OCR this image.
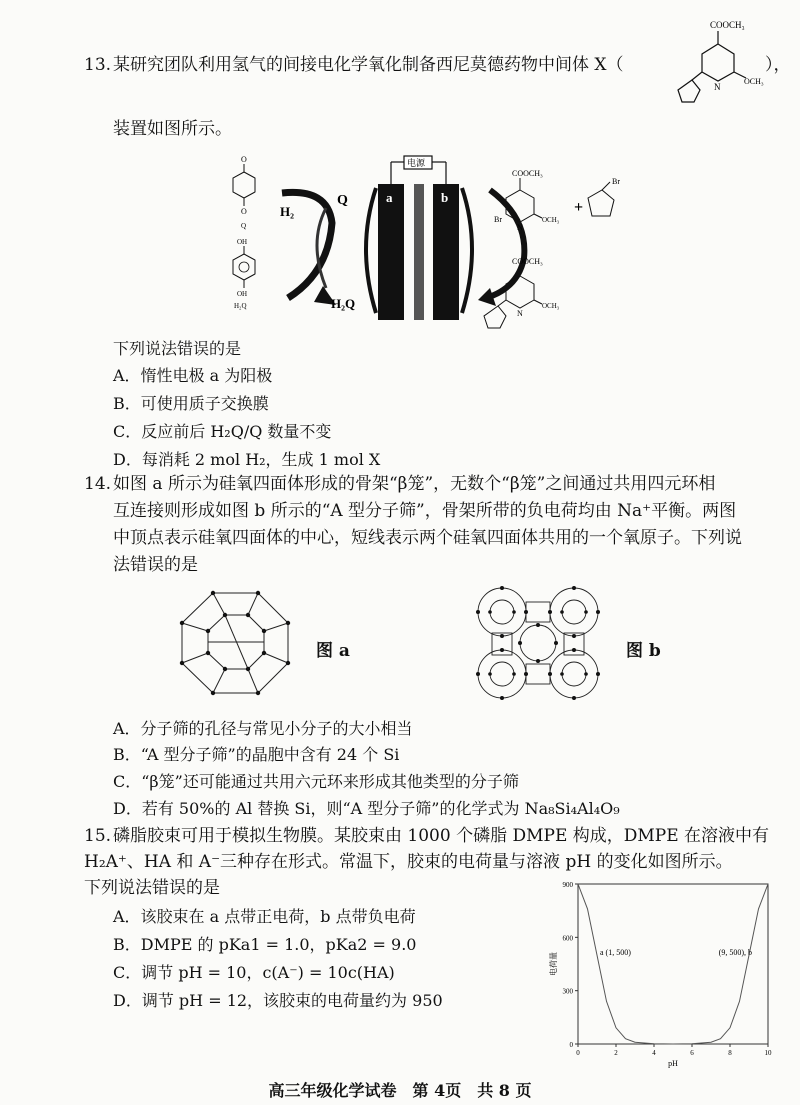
13. 某研究团队利用氢气的间接电化学氧化制备西尼莫德药物中间体 X（
COOCH₃
N
OCH₃
），
装置如图所示。
O
O
Q
OH
OH
H₂Q
H₂
Q
H₂Q
电源
a	b
COOCH₃
Br
N
OCH₃
+
Br
COOCH₃
N
OCH₃
下列说法错误的是
A．惰性电极 a 为阳极
B．可使用质子交换膜
C．反应前后 H₂Q/Q 数量不变
D．每消耗 2 mol H₂，生成 1 mol X
14. 如图 a 所示为硅氧四面体形成的骨架“β笼”，无数个“β笼”之间通过共用四元环相
互连接则形成如图 b 所示的“A 型分子筛”，骨架所带的负电荷均由 Na⁺平衡。两图
中顶点表示硅氧四面体的中心，短线表示两个硅氧四面体共用的一个氧原子。下列说
法错误的是
图 a	图 b
A．分子筛的孔径与常见小分子的大小相当
B．“A 型分子筛”的晶胞中含有 24 个 Si
C．“β笼”还可能通过共用六元环来形成其他类型的分子筛
D．若有 50%的 Al 替换 Si，则“A 型分子筛”的化学式为 Na₈Si₄Al₄O₉
15. 磷脂胶束可用于模拟生物膜。某胶束由 1000 个磷脂 DMPE 构成，DMPE 在溶液中有
H₂A⁺、HA 和 A⁻三种存在形式。常温下，胶束的电荷量与溶液 pH 的变化如图所示。
下列说法错误的是
A．该胶束在 a 点带正电荷，b 点带负电荷
B．DMPE 的 pKa1 = 1.0，pKa2 = 9.0
C．调节 pH = 10，c(A⁻) = 10c(HA)
D．调节 pH = 12，该胶束的电荷量约为 950
0
300
600
900
0	2	4	6	8	10
电荷量
pH
a (1, 500)	(9, 500), b
高三年级化学试卷　第 4页　共 8 页
